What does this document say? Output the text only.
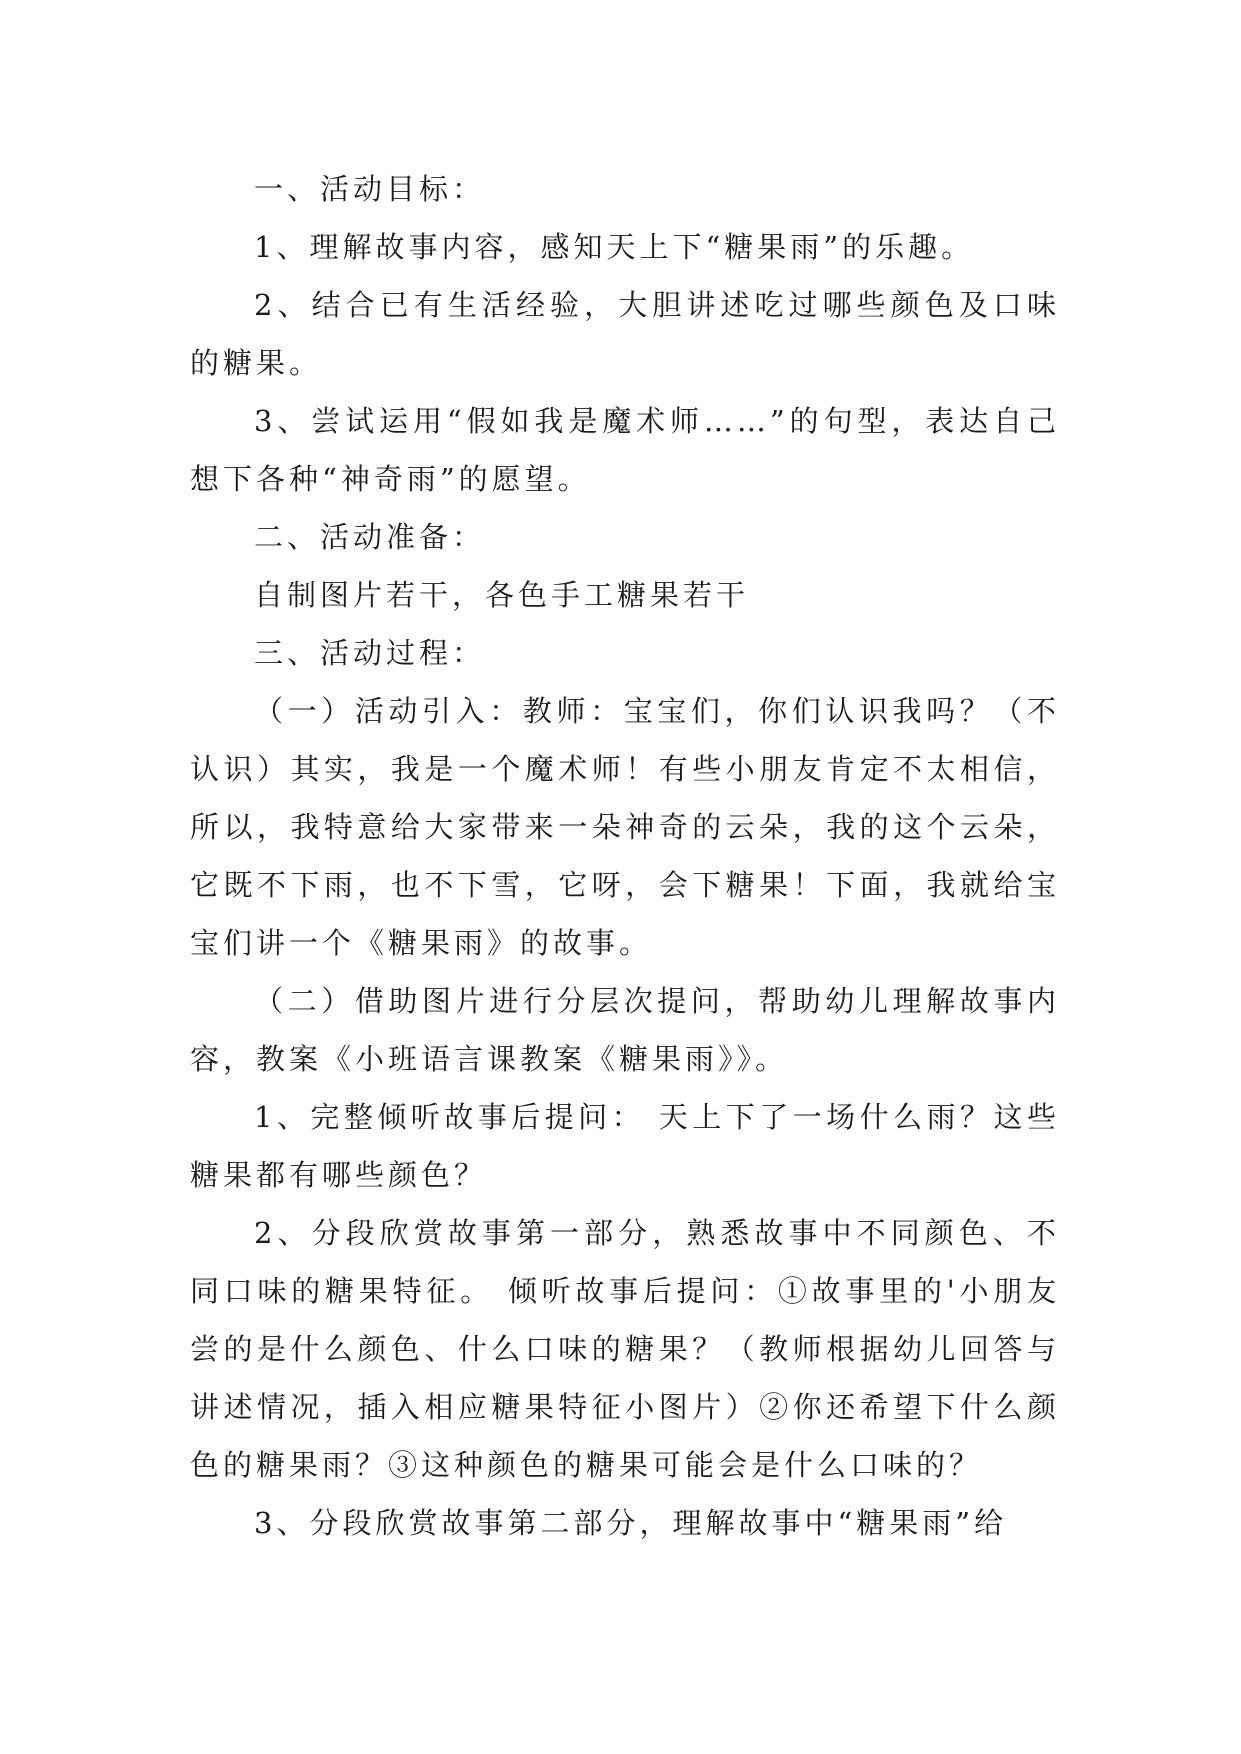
一、活动目标：

1、理解故事内容，感知天上下“糖果雨”的乐趣。

2、结合已有生活经验，大胆讲述吃过哪些颜色及口味的糖果。

3、尝试运用“假如我是魔术师……”的句型，表达自己想下各种“神奇雨”的愿望。

二、活动准备：

自制图片若干，各色手工糖果若干

三、活动过程：

（一）活动引入：教师：宝宝们，你们认识我吗？（不认识）其实，我是一个魔术师！有些小朋友肯定不太相信，所以，我特意给大家带来一朵神奇的云朵，我的这个云朵，它既不下雨，也不下雪，它呀，会下糖果！下面，我就给宝宝们讲一个《糖果雨》的故事。

（二）借助图片进行分层次提问，帮助幼儿理解故事内容，教案《小班语言课教案《糖果雨》》。

1、完整倾听故事后提问： 天上下了一场什么雨？这些糖果都有哪些颜色？

2、分段欣赏故事第一部分，熟悉故事中不同颜色、不同口味的糖果特征。 倾听故事后提问：①故事里的'小朋友尝的是什么颜色、什么口味的糖果？（教师根据幼儿回答与讲述情况，插入相应糖果特征小图片）②你还希望下什么颜色的糖果雨？③这种颜色的糖果可能会是什么口味的？

3、分段欣赏故事第二部分，理解故事中“糖果雨”给
